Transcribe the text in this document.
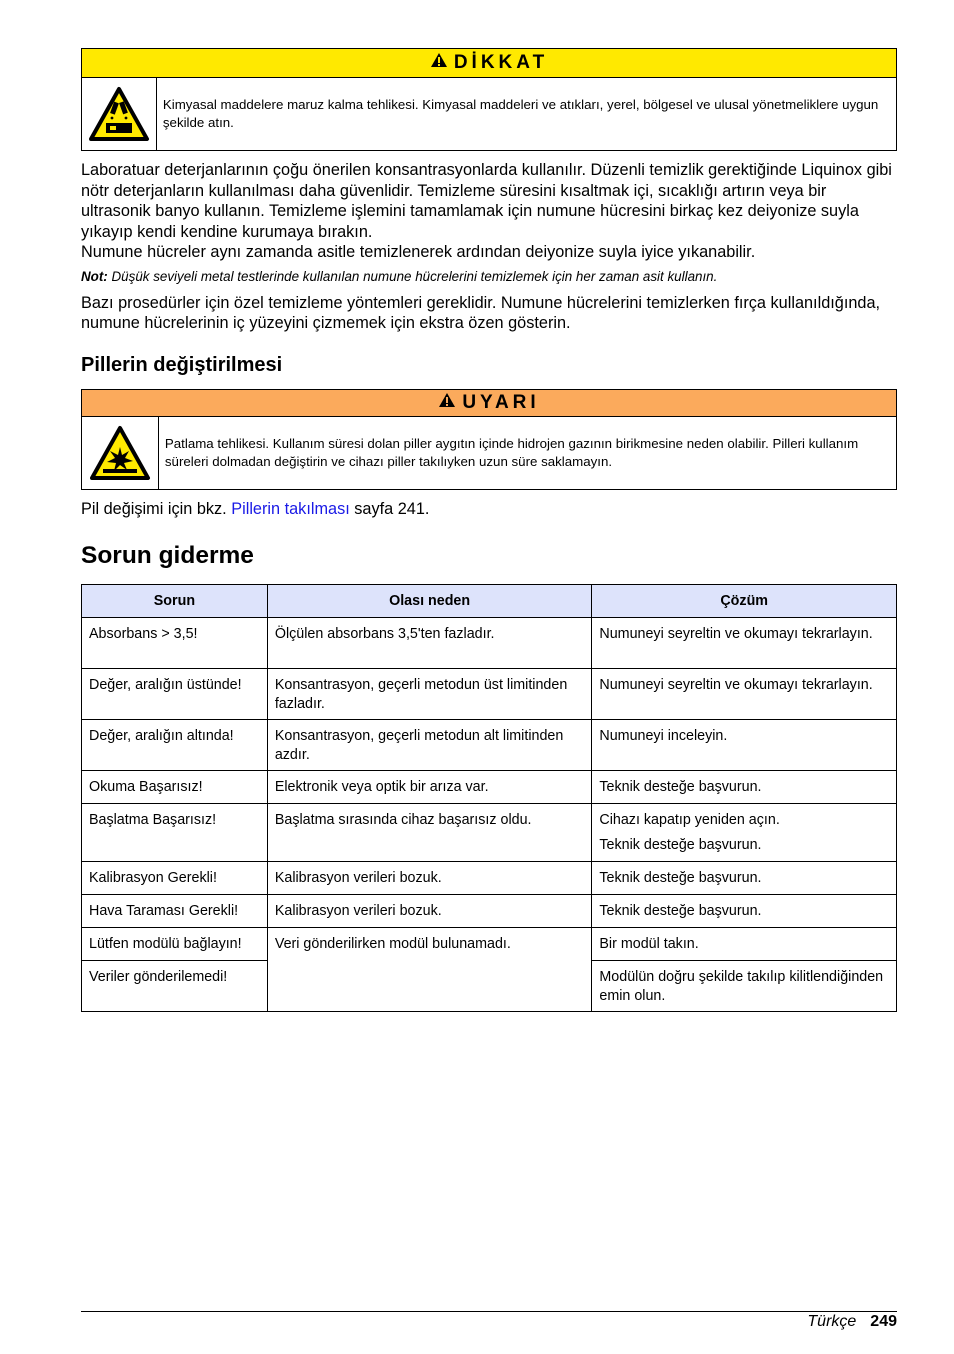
DİKKAT
Kimyasal maddelere maruz kalma tehlikesi. Kimyasal maddeleri ve atıkları, yerel, bölgesel ve ulusal yönetmeliklere uygun şekilde atın.

Laboratuar deterjanlarının çoğu önerilen konsantrasyonlarda kullanılır. Düzenli temizlik gerektiğinde Liquinox gibi nötr deterjanların kullanılması daha güvenlidir. Temizleme süresini kısaltmak içi, sıcaklığı artırın veya bir ultrasonik banyo kullanın. Temizleme işlemini tamamlamak için numune hücresini birkaç kez deiyonize suyla yıkayıp kendi kendine kurumaya bırakın.

Numune hücreler aynı zamanda asitle temizlenerek ardından deiyonize suyla iyice yıkanabilir.

Not: Düşük seviyeli metal testlerinde kullanılan numune hücrelerini temizlemek için her zaman asit kullanın.

Bazı prosedürler için özel temizleme yöntemleri gereklidir. Numune hücrelerini temizlerken fırça kullanıldığında, numune hücrelerinin iç yüzeyini çizmemek için ekstra özen gösterin.

Pillerin değiştirilmesi
UYARI
Patlama tehlikesi. Kullanım süresi dolan piller aygıtın içinde hidrojen gazının birikmesine neden olabilir. Pilleri kullanım süreleri dolmadan değiştirin ve cihazı piller takılıyken uzun süre saklamayın.

Pil değişimi için bkz. Pillerin takılması sayfa 241.

Sorun giderme
Sorun	Olası neden	Çözüm
Absorbans > 3,5!	Ölçülen absorbans 3,5'ten fazladır.	Numuneyi seyreltin ve okumayı tekrarlayın.

Değer, aralığın üstünde!	Konsantrasyon, geçerli metodun üst limitinden fazladır.	Numuneyi seyreltin ve okumayı tekrarlayın.

Değer, aralığın altında!	Konsantrasyon, geçerli metodun alt limitinden azdır.	Numuneyi inceleyin.

Okuma Başarısız!	Elektronik veya optik bir arıza var.	Teknik desteğe başvurun.

Başlatma Başarısız!	Başlatma sırasında cihaz başarısız oldu.	Cihazı kapatıp yeniden açın.
Teknik desteğe başvurun.

Kalibrasyon Gerekli!	Kalibrasyon verileri bozuk.	Teknik desteğe başvurun.

Hava Taraması Gerekli!	Kalibrasyon verileri bozuk.	Teknik desteğe başvurun.

Lütfen modülü bağlayın!	Veri gönderilirken modül bulunamadı.	Bir modül takın.

Veriler gönderilemedi!		Modülün doğru şekilde takılıp kilitlendiğinden emin olun.
Türkçe 249
